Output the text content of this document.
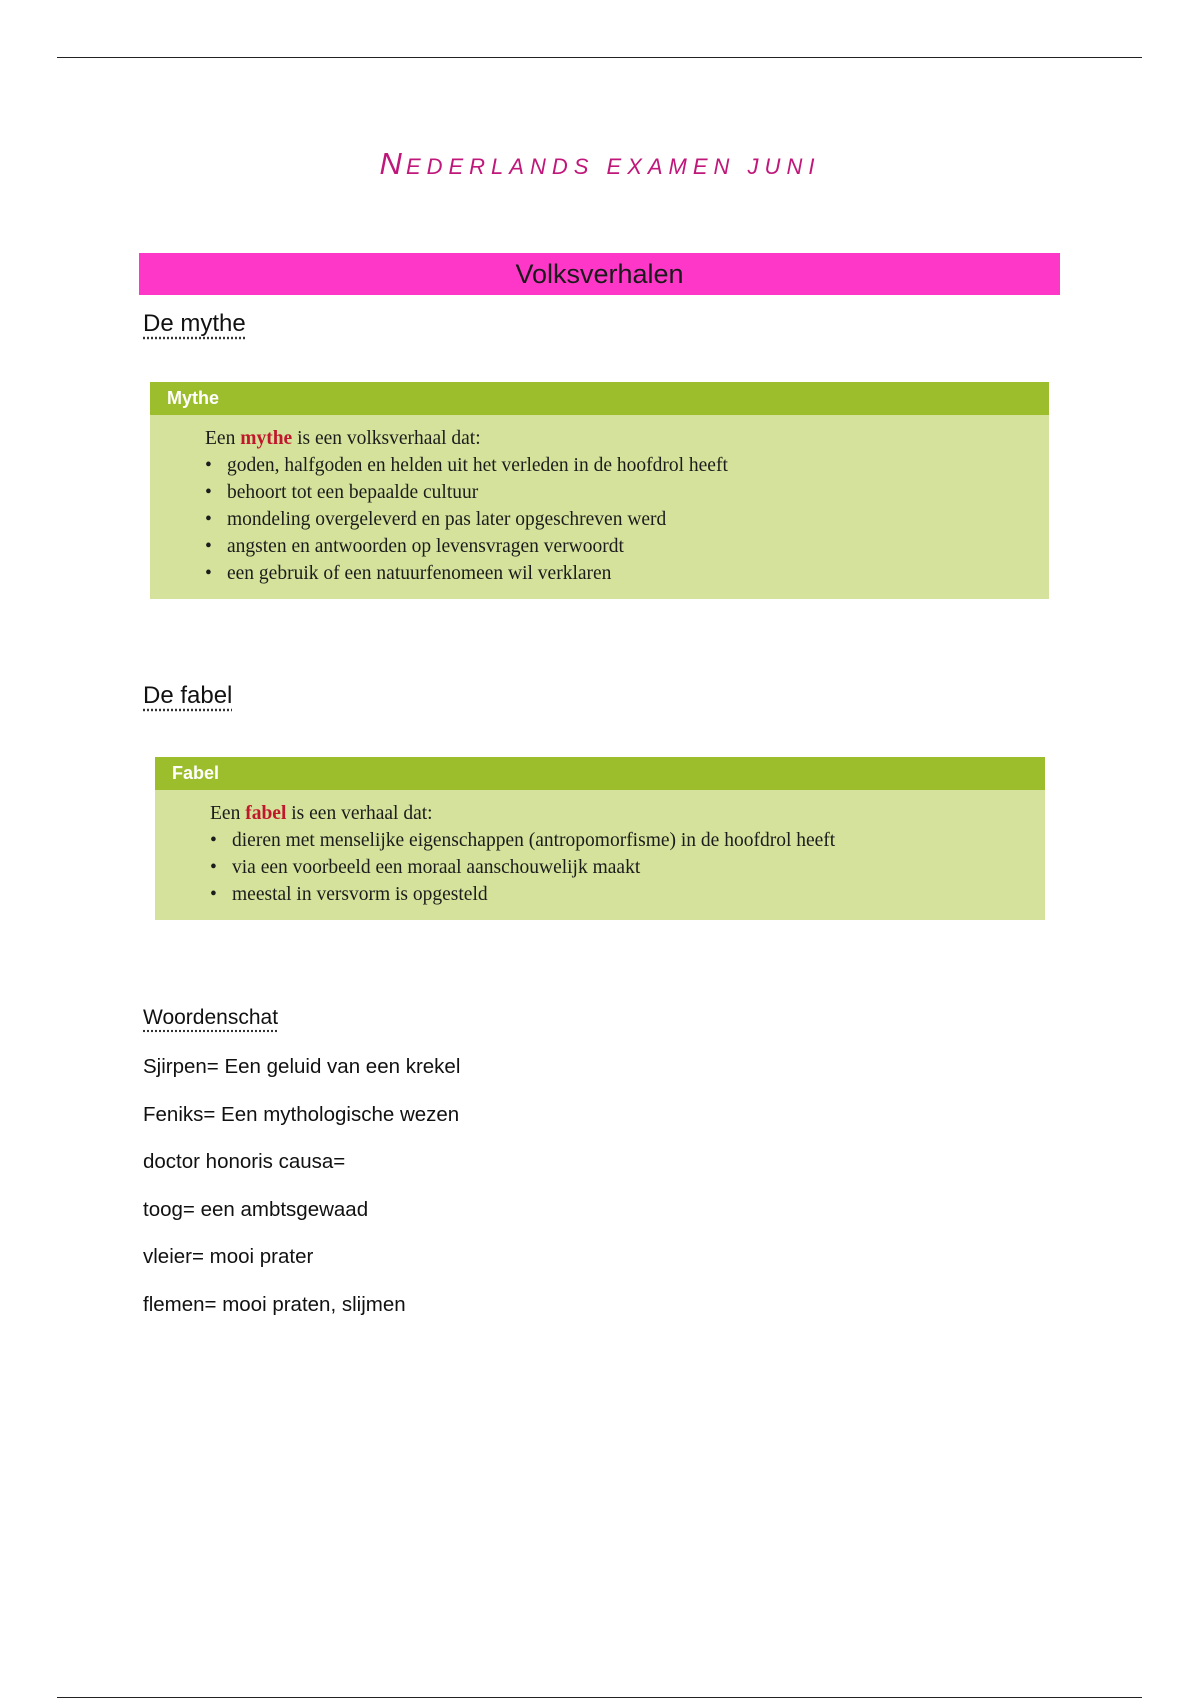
NEDERLANDS EXAMEN JUNI
Volksverhalen
De mythe
Mythe
Een mythe is een volksverhaal dat:
• goden, halfgoden en helden uit het verleden in de hoofdrol heeft
• behoort tot een bepaalde cultuur
• mondeling overgeleverd en pas later opgeschreven werd
• angsten en antwoorden op levensvragen verwoordt
• een gebruik of een natuurfenomeen wil verklaren
De fabel
Fabel
Een fabel is een verhaal dat:
• dieren met menselijke eigenschappen (antropomorfisme) in de hoofdrol heeft
• via een voorbeeld een moraal aanschouwelijk maakt
• meestal in versvorm is opgesteld
Woordenschat
Sjirpen= Een geluid van een krekel
Feniks= Een mythologische wezen
doctor honoris causa=
toog= een ambtsgewaad
vleier= mooi prater
flemen= mooi praten, slijmen
